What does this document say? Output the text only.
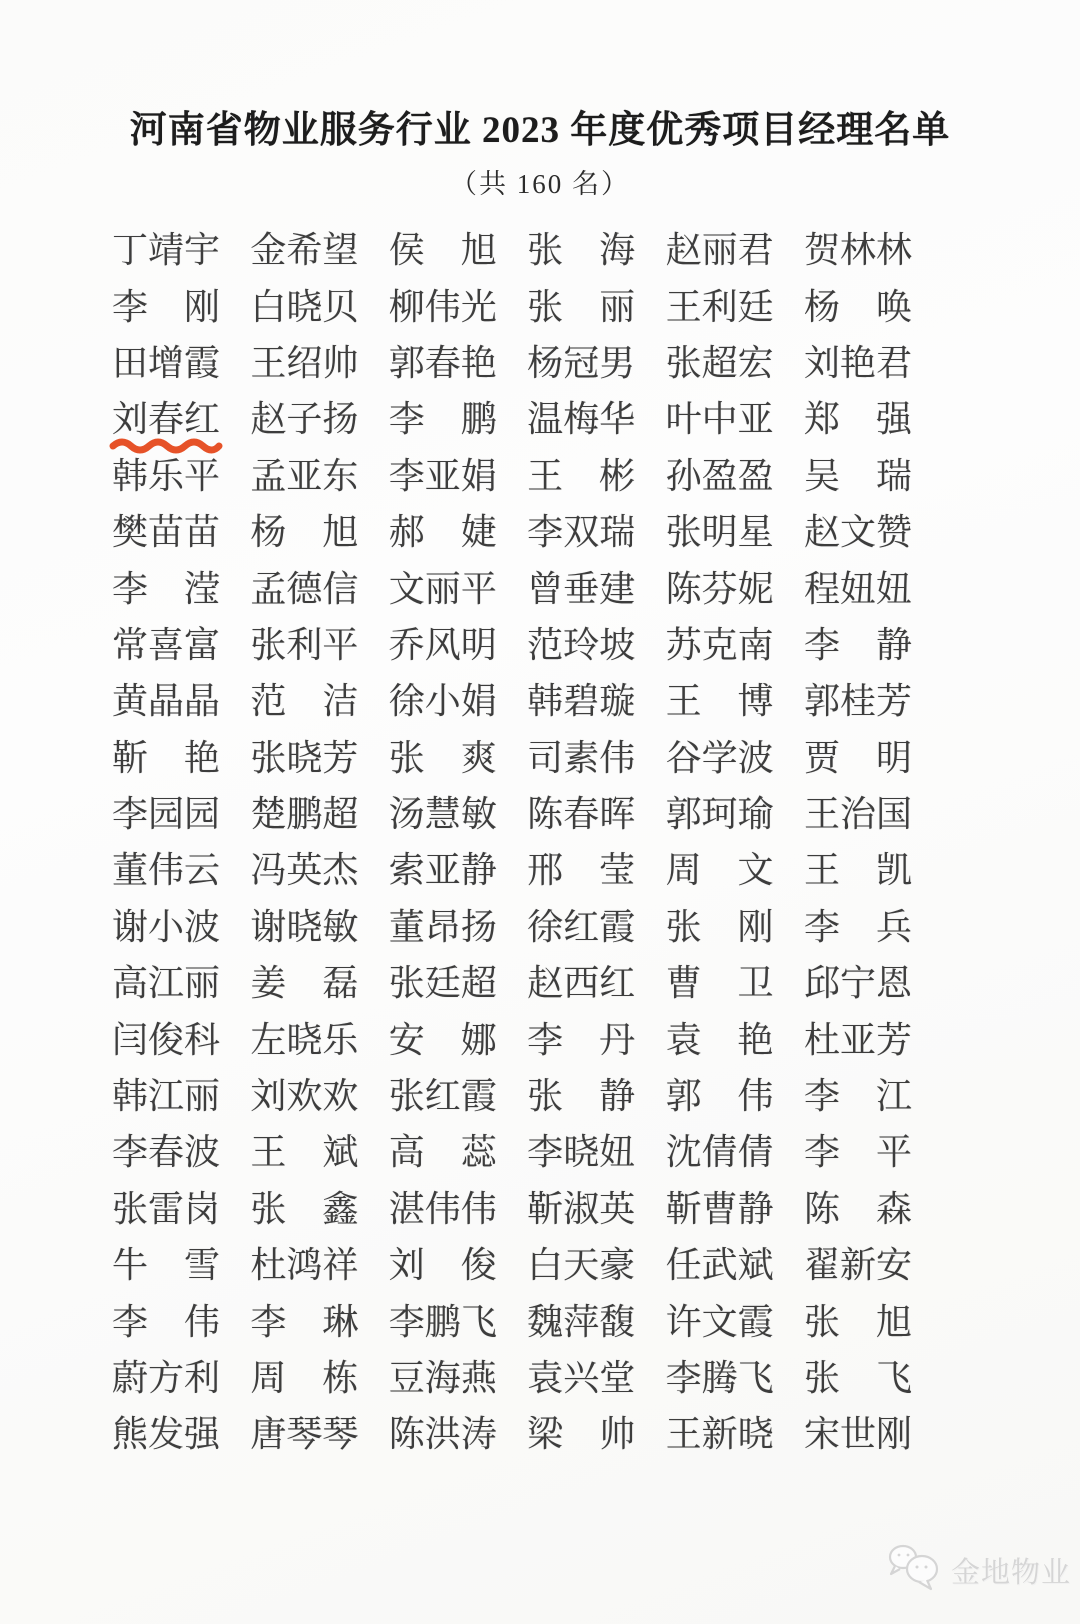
河南省物业服务行业 2023 年度优秀项目经理名单
（共 160 名）
丁 靖 宇 金 希 望 侯 旭 张 海 赵 丽 君 贺 林 林
李 刚 白 晓 贝 柳 伟 光 张 丽 王 利 廷 杨 唤
田 增 霞 王 绍 帅 郭 春 艳 杨 冠 男 张 超 宏 刘 艳 君
刘 春 红 赵 子 扬 李 鹏 温 梅 华 叶 中 亚 郑 强
韩 乐 平 孟 亚 东 李 亚 娟 王 彬 孙 盈 盈 吴 瑞
樊 苗 苗 杨 旭 郝 婕 李 双 瑞 张 明 星 赵 文 赞
李 滢 孟 德 信 文 丽 平 曾 垂 建 陈 芬 妮 程 妞 妞
常 喜 富 张 利 平 乔 风 明 范 玲 坡 苏 克 南 李 静
黄 晶 晶 范 洁 徐 小 娟 韩 碧 璇 王 博 郭 桂 芳
靳 艳 张 晓 芳 张 爽 司 素 伟 谷 学 波 贾 明
李 园 园 楚 鹏 超 汤 慧 敏 陈 春 晖 郭 珂 瑜 王 治 国
董 伟 云 冯 英 杰 索 亚 静 邢 莹 周 文 王 凯
谢 小 波 谢 晓 敏 董 昂 扬 徐 红 霞 张 刚 李 兵
高 江 丽 姜 磊 张 廷 超 赵 西 红 曹 卫 邱 宁 恩
闫 俊 科 左 晓 乐 安 娜 李 丹 袁 艳 杜 亚 芳
韩 江 丽 刘 欢 欢 张 红 霞 张 静 郭 伟 李 江
李 春 波 王 斌 高 蕊 李 晓 妞 沈 倩 倩 李 平
张 雷 岗 张 鑫 湛 伟 伟 靳 淑 英 靳 曹 静 陈 森
牛 雪 杜 鸿 祥 刘 俊 白 天 豪 任 武 斌 翟 新 安
李 伟 李 琳 李 鹏 飞 魏 萍 馥 许 文 霞 张 旭
蔚 方 利 周 栋 豆 海 燕 袁 兴 堂 李 腾 飞 张 飞
熊 发 强 唐 琴 琴 陈 洪 涛 梁 帅 王 新 晓 宋 世 刚
金地物业
